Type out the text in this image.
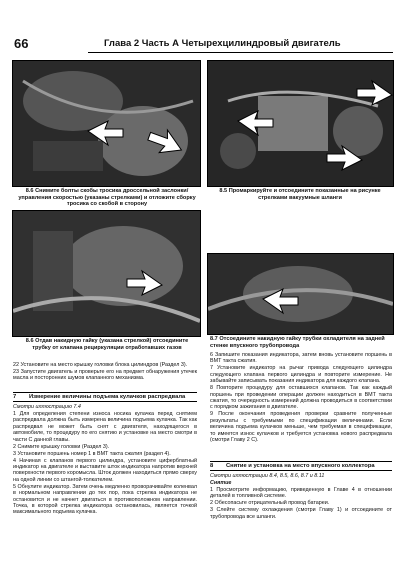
66	Глава 2 Часть А Четырехцилиндровый двигатель
8.6 Снимите болты скобы тросика дроссельной заслонки/управления скоростью (указаны стрелками) и отложите сборку тросика со скобой в сторону
8.5 Промаркируйте и отсоедините показанные на рисунке стрелками вакуумные шланги
8.6 Отдав накидную гайку (указана стрелкой) отсоедините трубку от клапана рециркуляции отработавших газов
8.7 Отсоедините накидную гайку трубки охладителя на задней стенке впускного трубопровода

22 Установите на место крышку головки блока цилиндров (Раздел 3).

23 Запустите двигатель и проверьте его на предмет обнаружения утечек масла и посторонних шумов клапанного механизма.

7 Измерение величины подъема кулачков распредвала

Смотри иллюстрацию 7.4

1 Для определения степени износа носика кулачка перед снятием распредвала должна быть измерена величина подъема кулачка. Так как распредвал не может быть снят с двигателя, находящегося в автомобиле, то процедуру по его снятию и установке на место смотри в части С данной главы.

2 Снимите крышку головки (Раздел 3).

3 Установите поршень номер 1 в ВМТ такта сжатия (раздел 4).

4 Начиная с клапанов первого цилиндра, установите циферблатный индикатор на двигателе и выставите шток индикатора напротив верхней поверхности первого коромысла. Шток должен находиться прямо сверху на одной линии со штангой-толкателем.

5 Обнулите индикатор. Затем очень медленно проворачивайте коленвал в нормальном направлении до тех пор, пока стрелка индикатора не остановится и не начнет двигаться в противоположном направлении. Точка, в которой стрелка индикатора остановилась, является точкой максимального подъема кулачка.

6 Запишите показания индикатора, затем вновь установите поршень в ВМТ такта сжатия.

7 Установите индикатор на рычаг привода следующего цилиндра следующего клапана первого цилиндра и повторите измерение. Не забывайте записывать показания индикатора для каждого клапана.

8 Повторите процедуру для оставшихся клапанов. Так как каждый поршень при проведении операции должен находиться в ВМТ такта сжатия, то очередность измерений должна проводиться в соответствии с порядком зажигания в двигателе.

9 После окончания проведения проверки сравните полученные результаты с требуемыми по спецификации величинами. Если величина подъема кулачков меньше, чем требуемая в спецификации, то имеется износ кулачков и требуется установка нового распредвала (смотри Главу 2 С).

8 Снятие и установка на место впускного коллектора

Смотри иллюстрации 8.4, 8.5, 8.6, 8.7 и 8.11

Снятие

1 Просмотрите информацию, приведенную в Главе 4 в отношении деталей в топливной системе.

2 Обесопасьте отрицательный провод батареи.

3 Слейте систему охлаждения (смотри Главу 1) и отсоедините от трубопровода все шланги.
